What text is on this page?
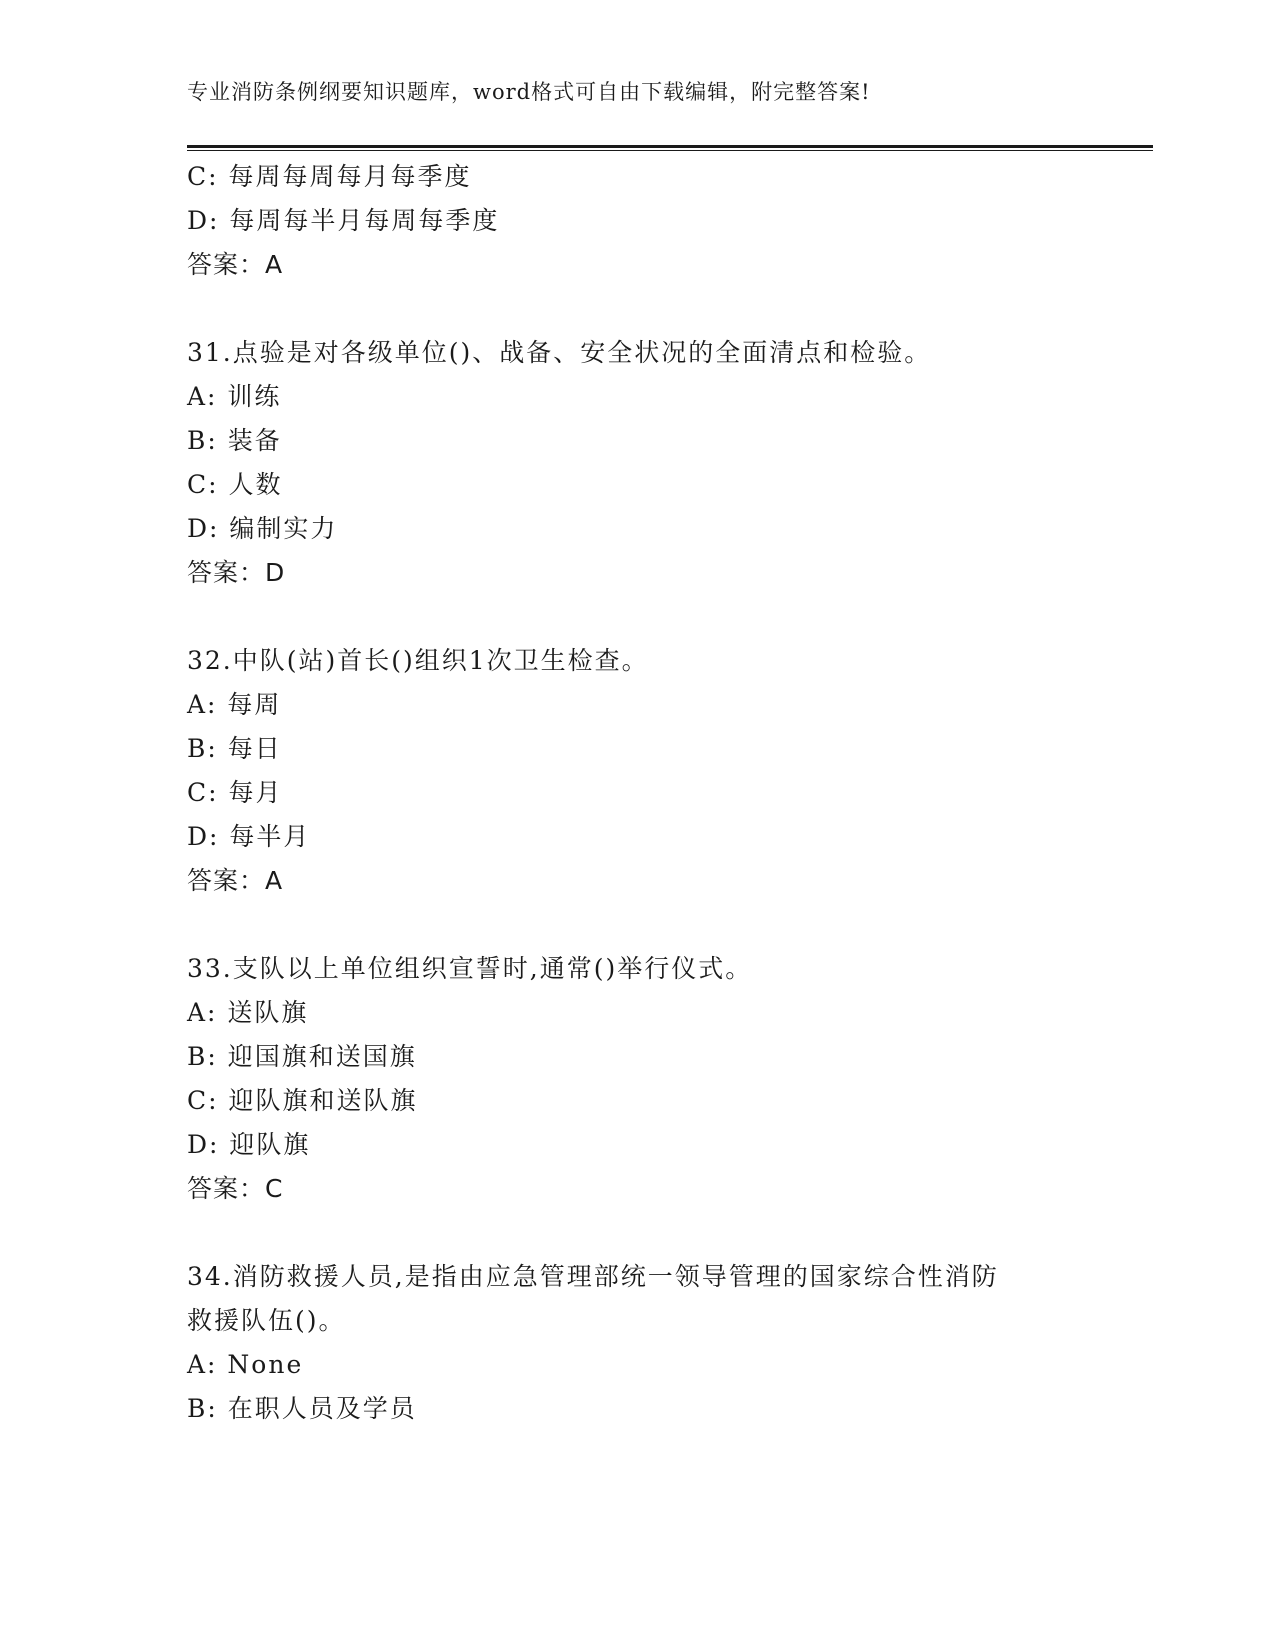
专业消防条例纲要知识题库，word格式可自由下载编辑，附完整答案!
C: 每周每周每月每季度
D: 每周每半月每周每季度
答案：A
31.点验是对各级单位()、战备、安全状况的全面清点和检验。
A: 训练
B: 装备
C: 人数
D: 编制实力
答案：D
32.中队(站)首长()组织1次卫生检查。
A: 每周
B: 每日
C: 每月
D: 每半月
答案：A
33.支队以上单位组织宣誓时,通常()举行仪式。
A: 送队旗
B: 迎国旗和送国旗
C: 迎队旗和送队旗
D: 迎队旗
答案：C
34.消防救援人员,是指由应急管理部统一领导管理的国家综合性消防
救援队伍()。
A: None
B: 在职人员及学员
